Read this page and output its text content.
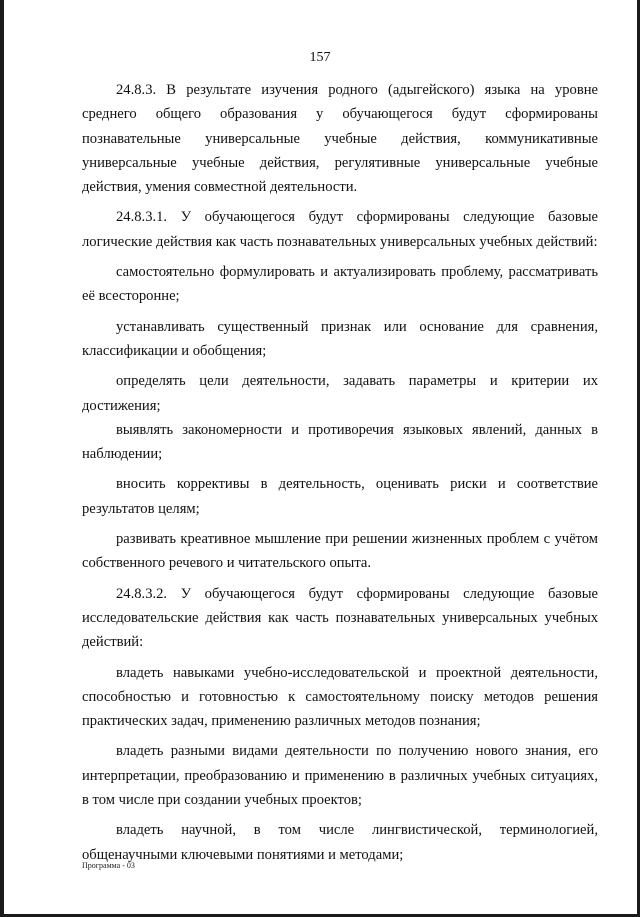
157

24.8.3. В результате изучения родного (адыгейского) языка на уровне среднего общего образования у обучающегося будут сформированы познавательные универсальные учебные действия, коммуникативные универсальные учебные действия, регулятивные универсальные учебные действия, умения совместной деятельности.

24.8.3.1. У обучающегося будут сформированы следующие базовые логические действия как часть познавательных универсальных учебных действий:

самостоятельно формулировать и актуализировать проблему, рассматривать её всесторонне;

устанавливать существенный признак или основание для сравнения, классификации и обобщения;

определять цели деятельности, задавать параметры и критерии их достижения;

выявлять закономерности и противоречия языковых явлений, данных в наблюдении;

вносить коррективы в деятельность, оценивать риски и соответствие результатов целям;

развивать креативное мышление при решении жизненных проблем с учётом собственного речевого и читательского опыта.

24.8.3.2. У обучающегося будут сформированы следующие базовые исследовательские действия как часть познавательных универсальных учебных действий:

владеть навыками учебно-исследовательской и проектной деятельности, способностью и готовностью к самостоятельному поиску методов решения практических задач, применению различных методов познания;

владеть разными видами деятельности по получению нового знания, его интерпретации, преобразованию и применению в различных учебных ситуациях, в том числе при создании учебных проектов;

владеть научной, в том числе лингвистической, терминологией, общенаучными ключевыми понятиями и методами;

Программа - 03
